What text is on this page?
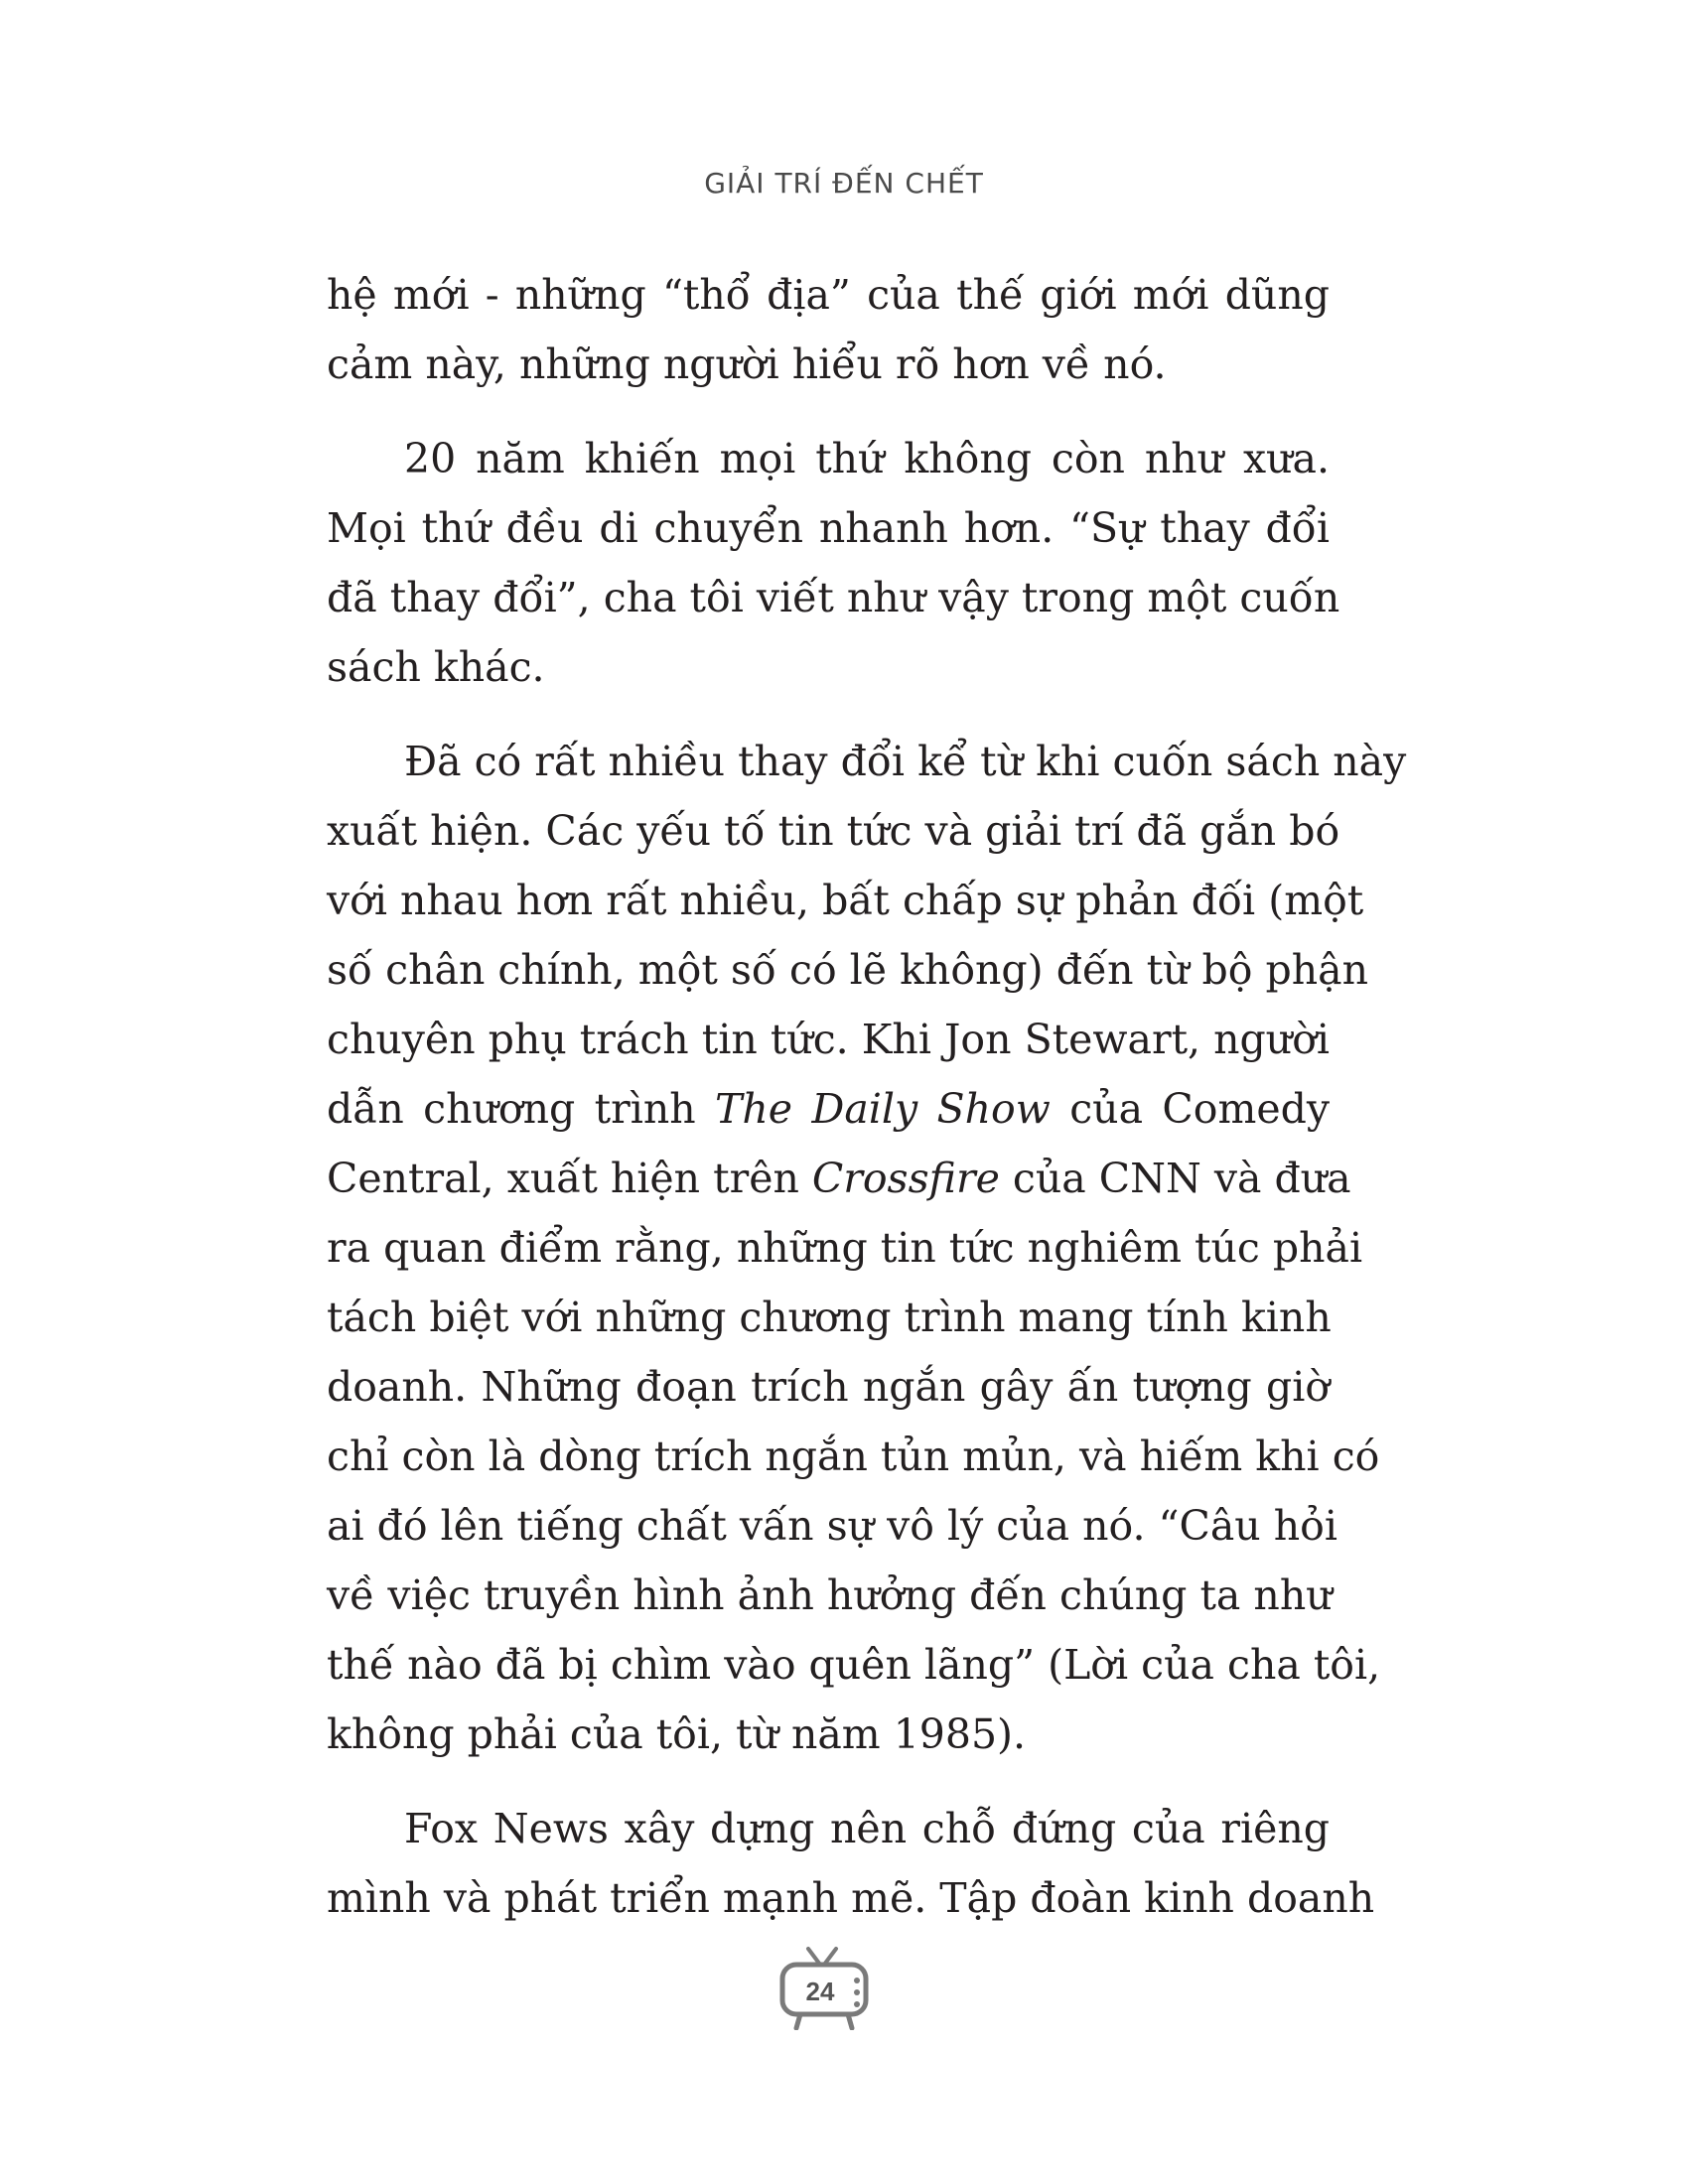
GIẢI TRÍ ĐẾN CHẾT
hệ mới - những “thổ địa” của thế giới mới dũng
cảm này, những người hiểu rõ hơn về nó.
20 năm khiến mọi thứ không còn như xưa.
Mọi thứ đều di chuyển nhanh hơn. “Sự thay đổi
đã thay đổi”, cha tôi viết như vậy trong một cuốn
sách khác.
Đã có rất nhiều thay đổi kể từ khi cuốn sách này
xuất hiện. Các yếu tố tin tức và giải trí đã gắn bó
với nhau hơn rất nhiều, bất chấp sự phản đối (một
số chân chính, một số có lẽ không) đến từ bộ phận
chuyên phụ trách tin tức. Khi Jon Stewart, người
dẫn chương trình The Daily Show của Comedy
Central, xuất hiện trên Crossfire của CNN và đưa
ra quan điểm rằng, những tin tức nghiêm túc phải
tách biệt với những chương trình mang tính kinh
doanh. Những đoạn trích ngắn gây ấn tượng giờ
chỉ còn là dòng trích ngắn tủn mủn, và hiếm khi có
ai đó lên tiếng chất vấn sự vô lý của nó. “Câu hỏi
về việc truyền hình ảnh hưởng đến chúng ta như
thế nào đã bị chìm vào quên lãng” (Lời của cha tôi,
không phải của tôi, từ năm 1985).
Fox News xây dựng nên chỗ đứng của riêng
mình và phát triển mạnh mẽ. Tập đoàn kinh doanh
24
